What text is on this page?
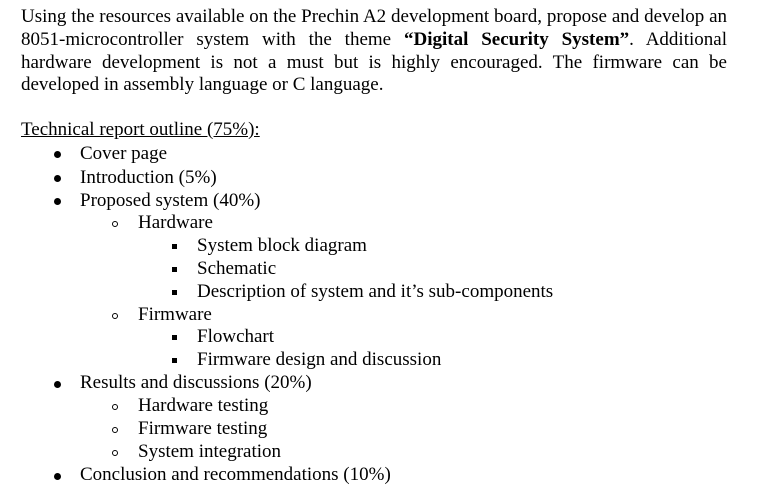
Using the resources available on the Prechin A2 development board, propose and develop an 8051-microcontroller system with the theme “Digital Security System”. Additional hardware development is not a must but is highly encouraged. The firmware can be developed in assembly language or C language.

Technical report outline (75%):

Cover page
Introduction (5%)
Proposed system (40%)
Hardware
System block diagram
Schematic
Description of system and it’s sub-components
Firmware
Flowchart
Firmware design and discussion
Results and discussions (20%)
Hardware testing
Firmware testing
System integration
Conclusion and recommendations (10%)
